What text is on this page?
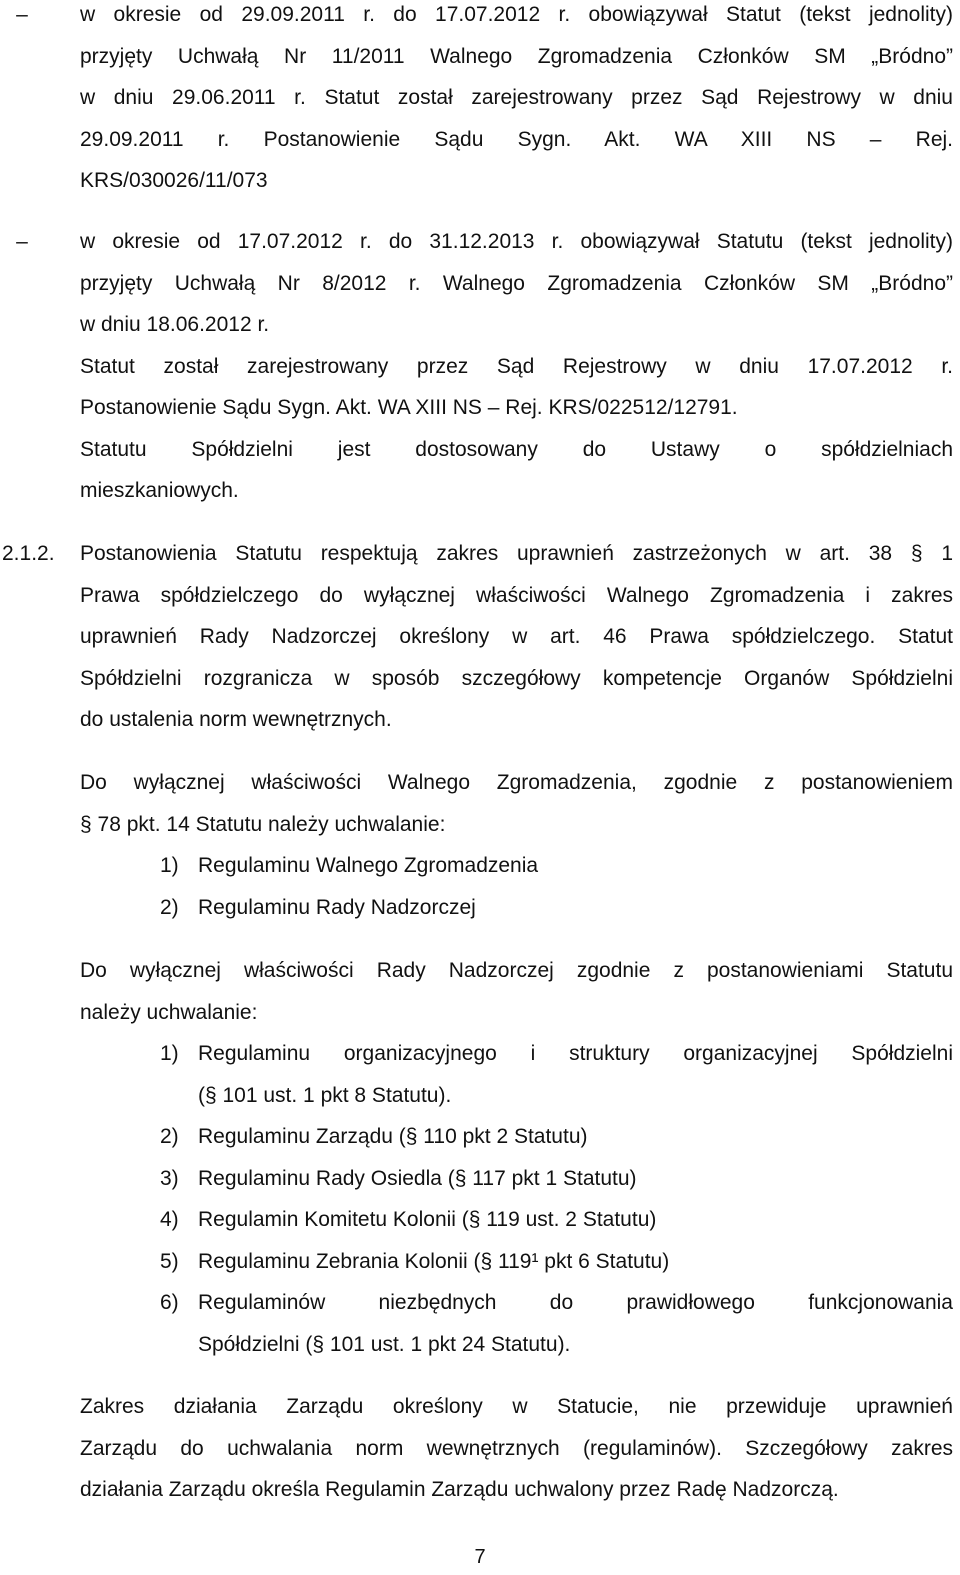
– w okresie od 29.09.2011 r. do 17.07.2012 r. obowiązywał Statut (tekst jednolity)
przyjęty Uchwałą Nr 11/2011 Walnego Zgromadzenia Członków SM „Bródno”
w dniu 29.06.2011 r. Statut został zarejestrowany przez Sąd Rejestrowy w dniu
29.09.2011 r. Postanowienie Sądu Sygn. Akt. WA XIII NS – Rej.
KRS/030026/11/073
– w okresie od 17.07.2012 r. do 31.12.2013 r. obowiązywał Statutu (tekst jednolity)
przyjęty Uchwałą Nr 8/2012 r. Walnego Zgromadzenia Członków SM „Bródno”
w dniu 18.06.2012 r.
Statut został zarejestrowany przez Sąd Rejestrowy w dniu 17.07.2012 r.
Postanowienie Sądu Sygn. Akt. WA XIII NS – Rej. KRS/022512/12791.
Statutu Spółdzielni jest dostosowany do Ustawy o spółdzielniach
mieszkaniowych.
2.1.2. Postanowienia Statutu respektują zakres uprawnień zastrzeżonych w art. 38 § 1
Prawa spółdzielczego do wyłącznej właściwości Walnego Zgromadzenia i zakres
uprawnień Rady Nadzorczej określony w art. 46 Prawa spółdzielczego. Statut
Spółdzielni rozgranicza w sposób szczegółowy kompetencje Organów Spółdzielni
do ustalenia norm wewnętrznych.
Do wyłącznej właściwości Walnego Zgromadzenia, zgodnie z postanowieniem
§ 78 pkt. 14 Statutu należy uchwalanie:
1) Regulaminu Walnego Zgromadzenia
2) Regulaminu Rady Nadzorczej
Do wyłącznej właściwości Rady Nadzorczej zgodnie z postanowieniami Statutu
należy uchwalanie:
1) Regulaminu organizacyjnego i struktury organizacyjnej Spółdzielni
(§ 101 ust. 1 pkt 8 Statutu).
2) Regulaminu Zarządu (§ 110 pkt 2 Statutu)
3) Regulaminu Rady Osiedla (§ 117 pkt 1 Statutu)
4) Regulamin Komitetu Kolonii (§ 119 ust. 2 Statutu)
5) Regulaminu Zebrania Kolonii (§ 119¹ pkt 6 Statutu)
6) Regulaminów niezbędnych do prawidłowego funkcjonowania
Spółdzielni (§ 101 ust. 1 pkt 24 Statutu).
Zakres działania Zarządu określony w Statucie, nie przewiduje uprawnień
Zarządu do uchwalania norm wewnętrznych (regulaminów). Szczegółowy zakres
działania Zarządu określa Regulamin Zarządu uchwalony przez Radę Nadzorczą.
7
